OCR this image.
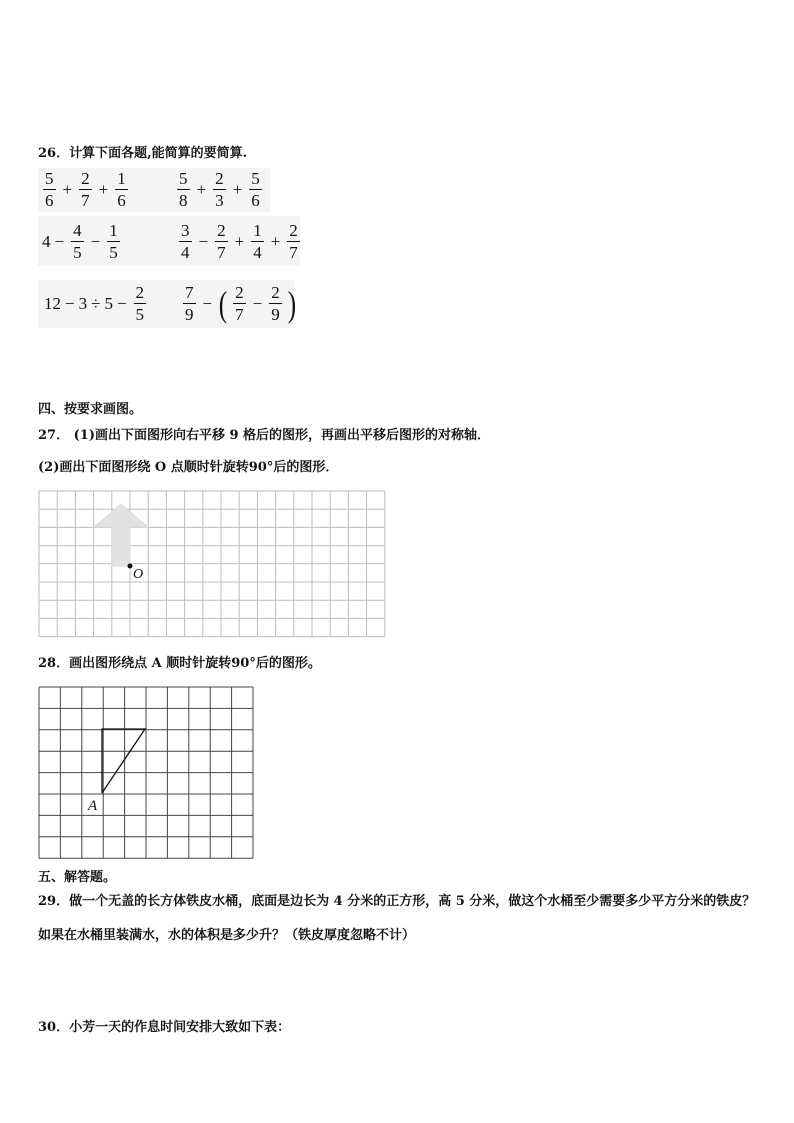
26．计算下面各题,能简算的要简算.
$\frac{5}{6} + \frac{2}{7} + \frac{1}{6}$	$\frac{5}{8} + \frac{2}{3} + \frac{5}{6}$
$4 - \frac{4}{5} - \frac{1}{5}$	$\frac{3}{4} - \frac{2}{7} + \frac{1}{4} + \frac{2}{7}$
$12 - 3 \div 5 - \frac{2}{5} \frac{7}{9}$ − ( $\frac{2}{7} - \frac{2}{9}$ )
四、按要求画图。
27． (1)画出下面图形向右平移 9 格后的图形，再画出平移后图形的对称轴．
(2)画出下面图形绕 O 点顺时针旋转90°后的图形．
O
28．画出图形绕点 A 顺时针旋转90°后的图形。
A
五、解答题。
29．做一个无盖的长方体铁皮水桶，底面是边长为 4 分米的正方形，高 5 分米，做这个水桶至少需要多少平方分米的铁皮？如果在水桶里装满水，水的体积是多少升？（铁皮厚度忽略不计）
30．小芳一天的作息时间安排大致如下表：
